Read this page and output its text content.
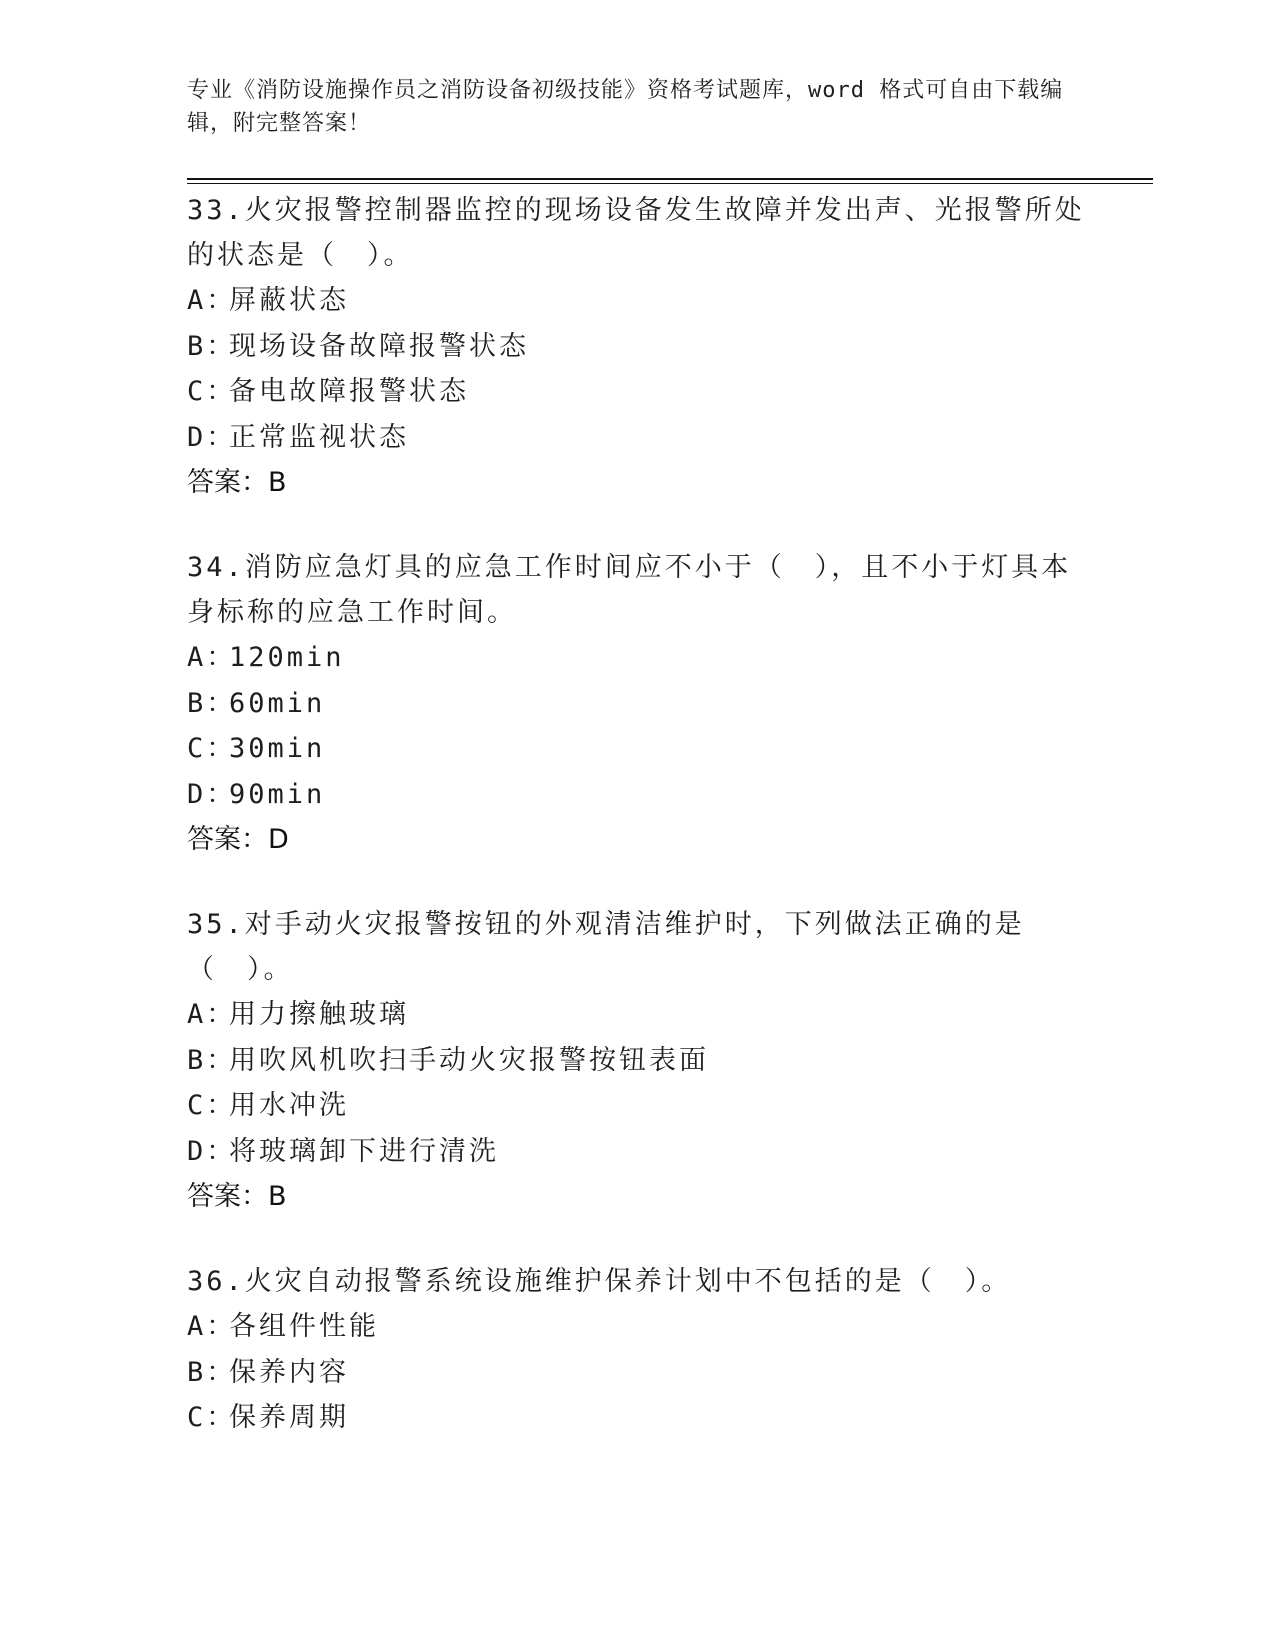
专业《消防设施操作员之消防设备初级技能》资格考试题库，word 格式可自由下载编辑，附完整答案！

33.火灾报警控制器监控的现场设备发生故障并发出声、光报警所处的状态是（　）。

A：屏蔽状态

B：现场设备故障报警状态

C：备电故障报警状态

D：正常监视状态

答案：B

34.消防应急灯具的应急工作时间应不小于（　），且不小于灯具本身标称的应急工作时间。

A：120min

B：60min

C：30min

D：90min

答案：D

35.对手动火灾报警按钮的外观清洁维护时，下列做法正确的是（　）。

A：用力擦触玻璃

B：用吹风机吹扫手动火灾报警按钮表面

C：用水冲洗

D：将玻璃卸下进行清洗

答案：B

36.火灾自动报警系统设施维护保养计划中不包括的是（　）。

A：各组件性能

B：保养内容

C：保养周期
